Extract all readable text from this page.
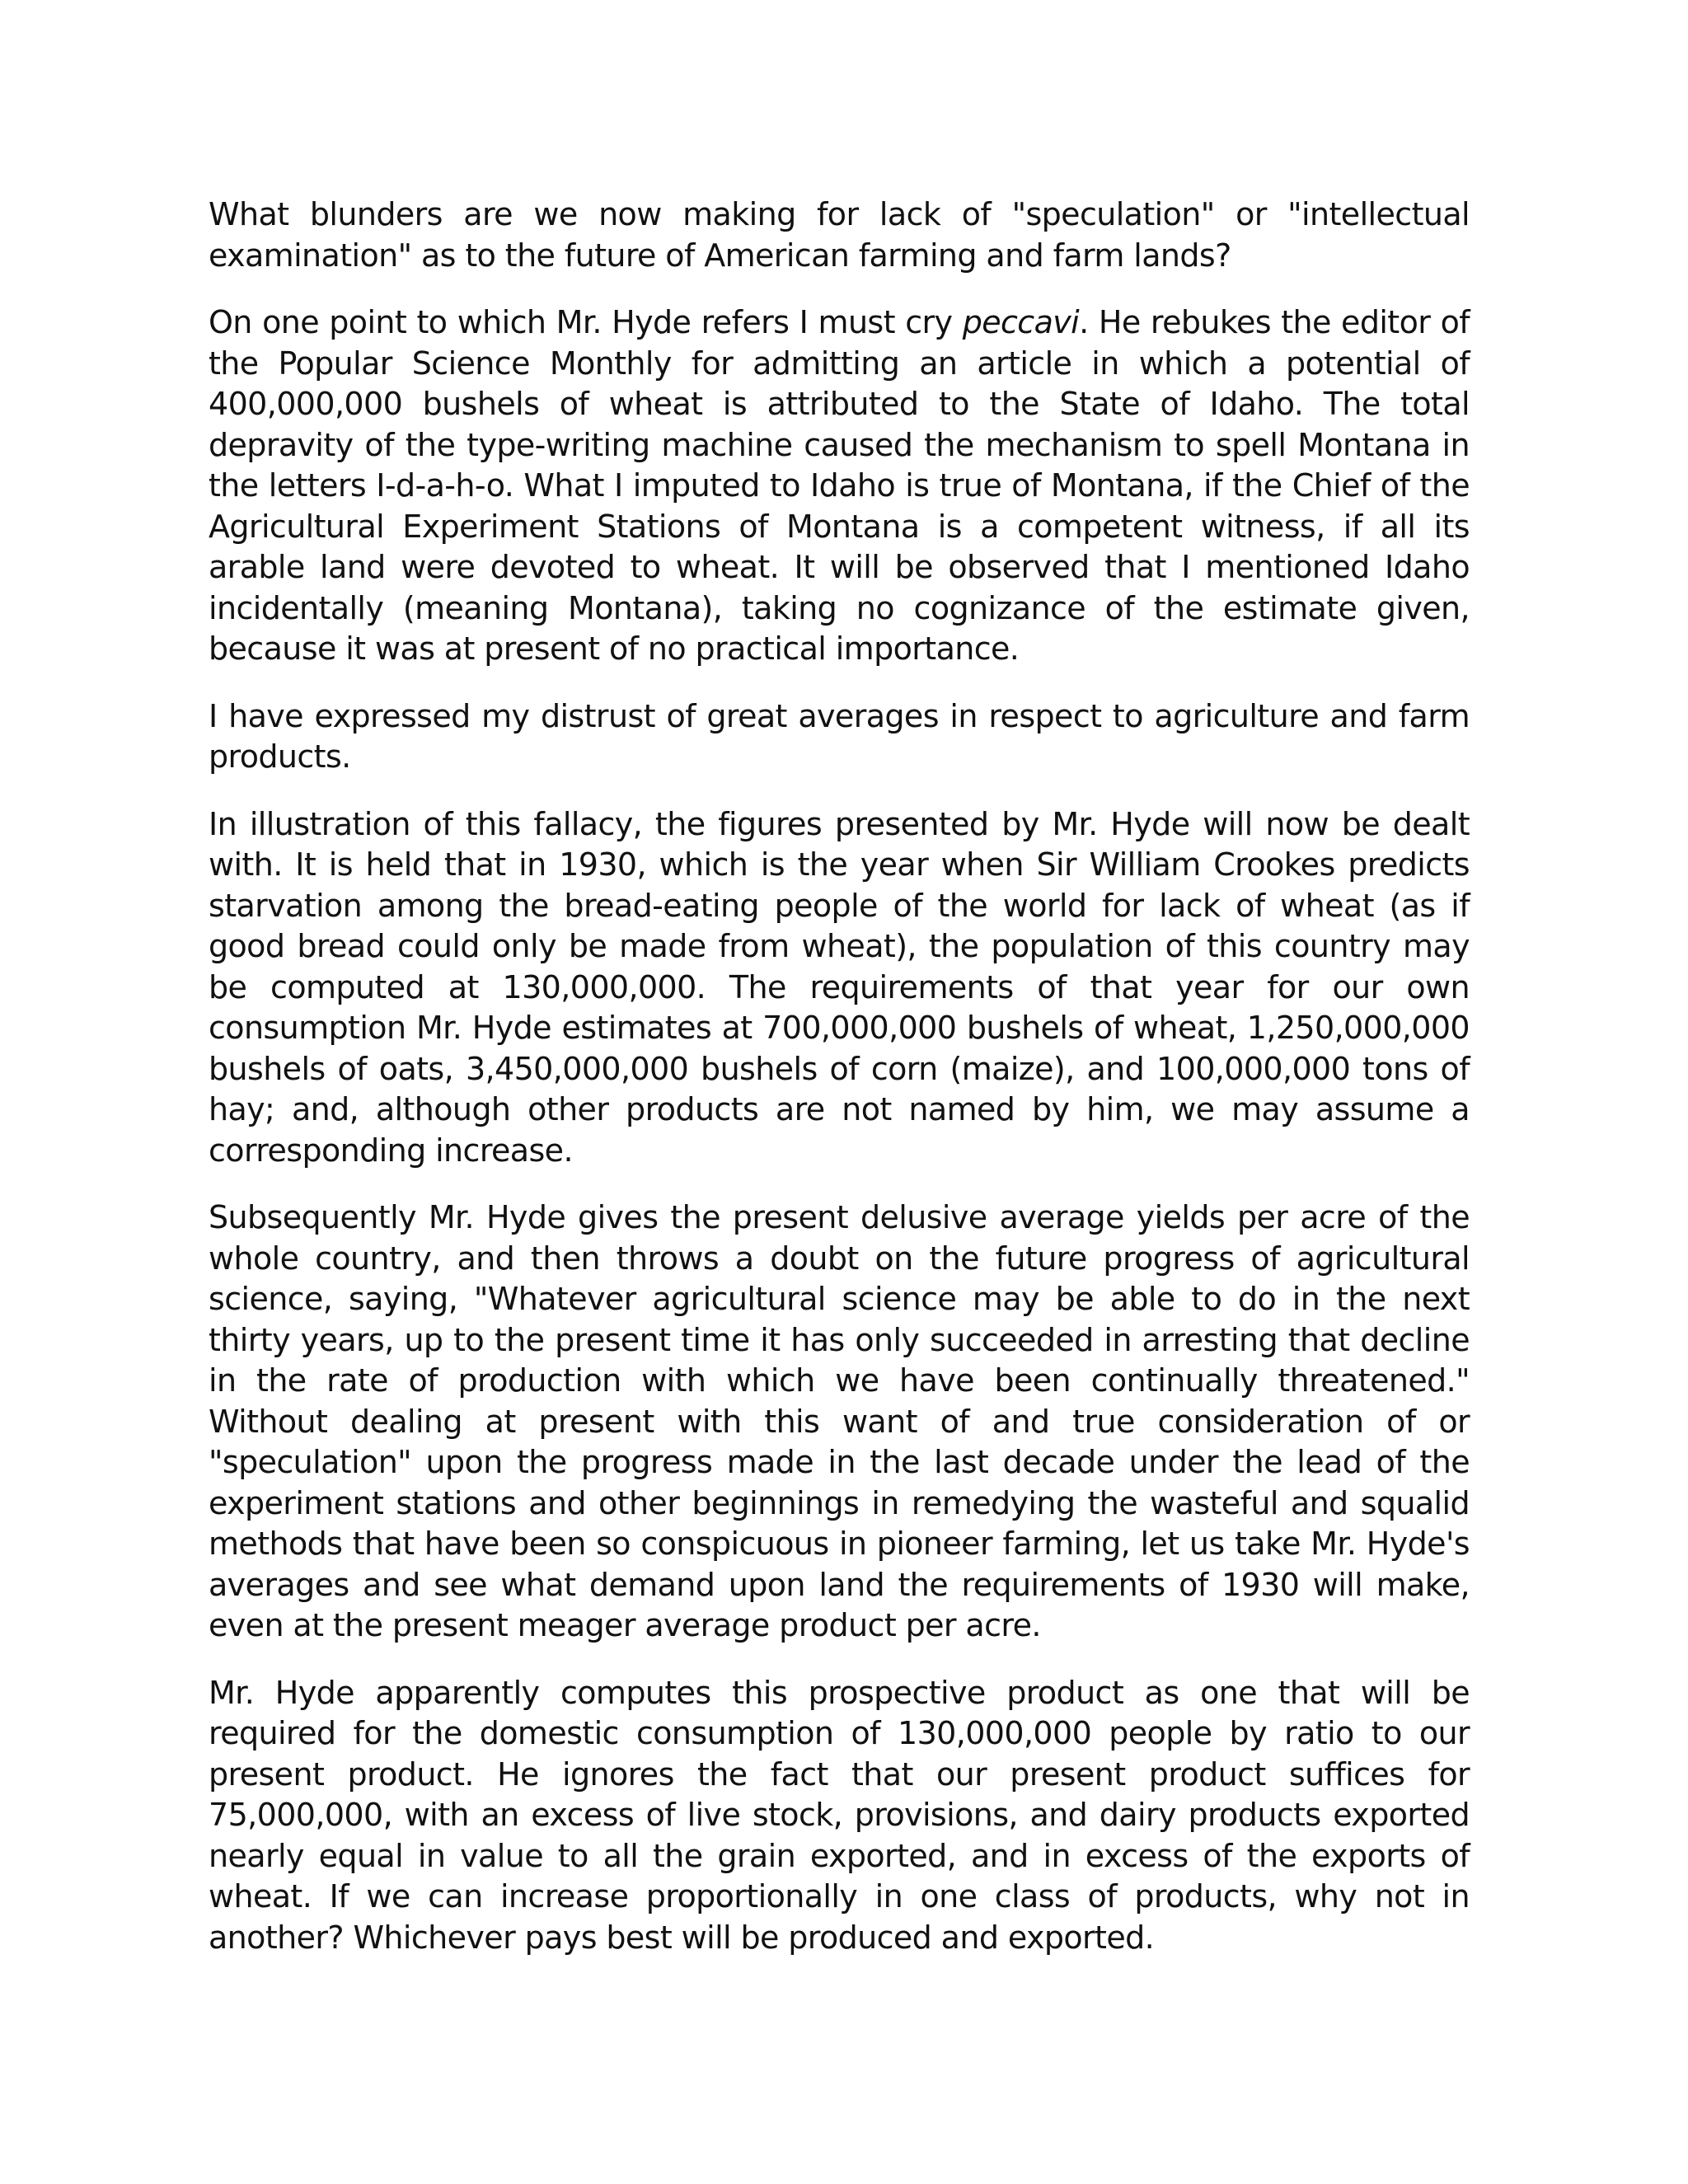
What blunders are we now making for lack of "speculation" or "intellectual examination" as to the future of American farming and farm lands?

On one point to which Mr. Hyde refers I must cry peccavi. He rebukes the editor of the Popular Science Monthly for admitting an article in which a potential of 400,000,000 bushels of wheat is attributed to the State of Idaho. The total depravity of the type-writing machine caused the mechanism to spell Montana in the letters I-d-a-h-o. What I imputed to Idaho is true of Montana, if the Chief of the Agricultural Experiment Stations of Montana is a competent witness, if all its arable land were devoted to wheat. It will be observed that I mentioned Idaho incidentally (meaning Montana), taking no cognizance of the estimate given, because it was at present of no practical importance.

I have expressed my distrust of great averages in respect to agriculture and farm products.

In illustration of this fallacy, the figures presented by Mr. Hyde will now be dealt with. It is held that in 1930, which is the year when Sir William Crookes predicts starvation among the bread-eating people of the world for lack of wheat (as if good bread could only be made from wheat), the population of this country may be computed at 130,000,000. The requirements of that year for our own consumption Mr. Hyde estimates at 700,000,000 bushels of wheat, 1,250,000,000 bushels of oats, 3,450,000,000 bushels of corn (maize), and 100,000,000 tons of hay; and, although other products are not named by him, we may assume a corresponding increase.

Subsequently Mr. Hyde gives the present delusive average yields per acre of the whole country, and then throws a doubt on the future progress of agricultural science, saying, "Whatever agricultural science may be able to do in the next thirty years, up to the present time it has only succeeded in arresting that decline in the rate of production with which we have been continually threatened." Without dealing at present with this want of and true consideration of or "speculation" upon the progress made in the last decade under the lead of the experiment stations and other beginnings in remedying the wasteful and squalid methods that have been so conspicuous in pioneer farming, let us take Mr. Hyde's averages and see what demand upon land the requirements of 1930 will make, even at the present meager average product per acre.

Mr. Hyde apparently computes this prospective product as one that will be required for the domestic consumption of 130,000,000 people by ratio to our present product. He ignores the fact that our present product suffices for 75,000,000, with an excess of live stock, provisions, and dairy products exported nearly equal in value to all the grain exported, and in excess of the exports of wheat. If we can increase proportionally in one class of products, why not in another? Whichever pays best will be produced and exported.
